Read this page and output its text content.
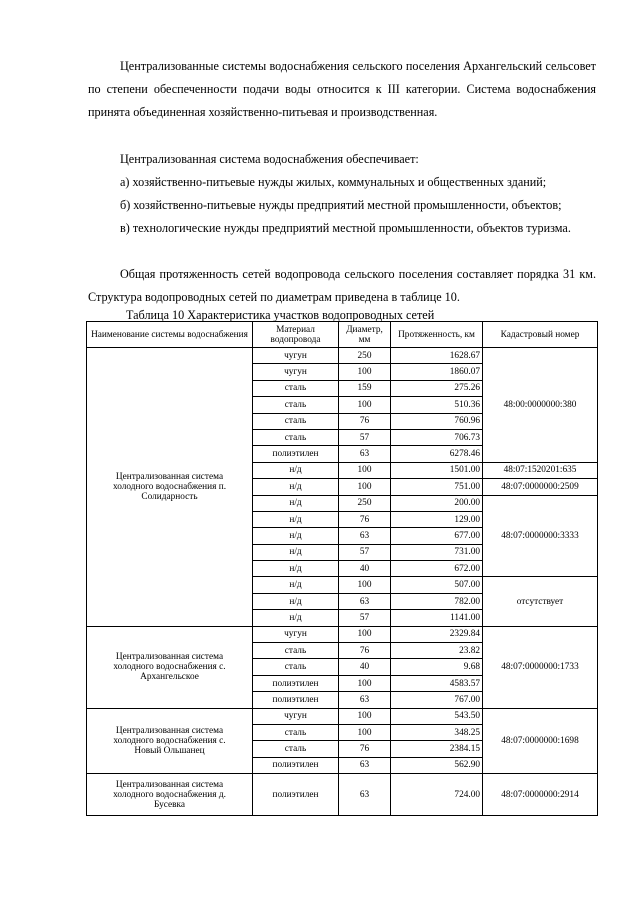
Централизованные системы водоснабжения сельского поселения Архангельский сельсовет по степени обеспеченности подачи воды относится к III категории. Система водоснабжения принята объединенная хозяйственно-питьевая и производственная.

Централизованная система водоснабжения обеспечивает:

а) хозяйственно-питьевые нужды жилых, коммунальных и общественных зданий;

б) хозяйственно-питьевые нужды предприятий местной промышленности, объектов;

в) технологические нужды предприятий местной промышленности, объектов туризма.

Общая протяженность сетей водопровода сельского поселения составляет порядка 31 км. Структура водопроводных сетей по диаметрам приведена в таблице 10.

Таблица 10 Характеристика участков водопроводных сетей

Наименование системы водоснабжения	Материал водопровода	Диаметр, мм	Протяженность, км	Кадастровый номер
Централизованная система холодного водоснабжения п. Солидарность	чугун	250	1628.67	48:00:0000000:380
	чугун	100	1860.07	
	сталь	159	275.26	
	сталь	100	510.36	
	сталь	76	760.96	
	сталь	57	706.73	
	полиэтилен	63	6278.46	
	н/д	100	1501.00	48:07:1520201:635
	н/д	100	751.00	48:07:0000000:2509
	н/д	250	200.00	48:07:0000000:3333
	н/д	76	129.00	
	н/д	63	677.00	
	н/д	57	731.00	
	н/д	40	672.00	
	н/д	100	507.00	отсутствует
	н/д	63	782.00	
	н/д	57	1141.00	
Централизованная система холодного водоснабжения с. Архангельское	чугун	100	2329.84	48:07:0000000:1733
	сталь	76	23.82	
	сталь	40	9.68	
	полиэтилен	100	4583.57	
	полиэтилен	63	767.00	
Централизованная система холодного водоснабжения с. Новый Ольшанец	чугун	100	543.50	48:07:0000000:1698
	сталь	100	348.25	
	сталь	76	2384.15	
	полиэтилен	63	562.90	
Централизованная система холодного водоснабжения д. Бусевка	полиэтилен	63	724.00	48:07:0000000:2914
